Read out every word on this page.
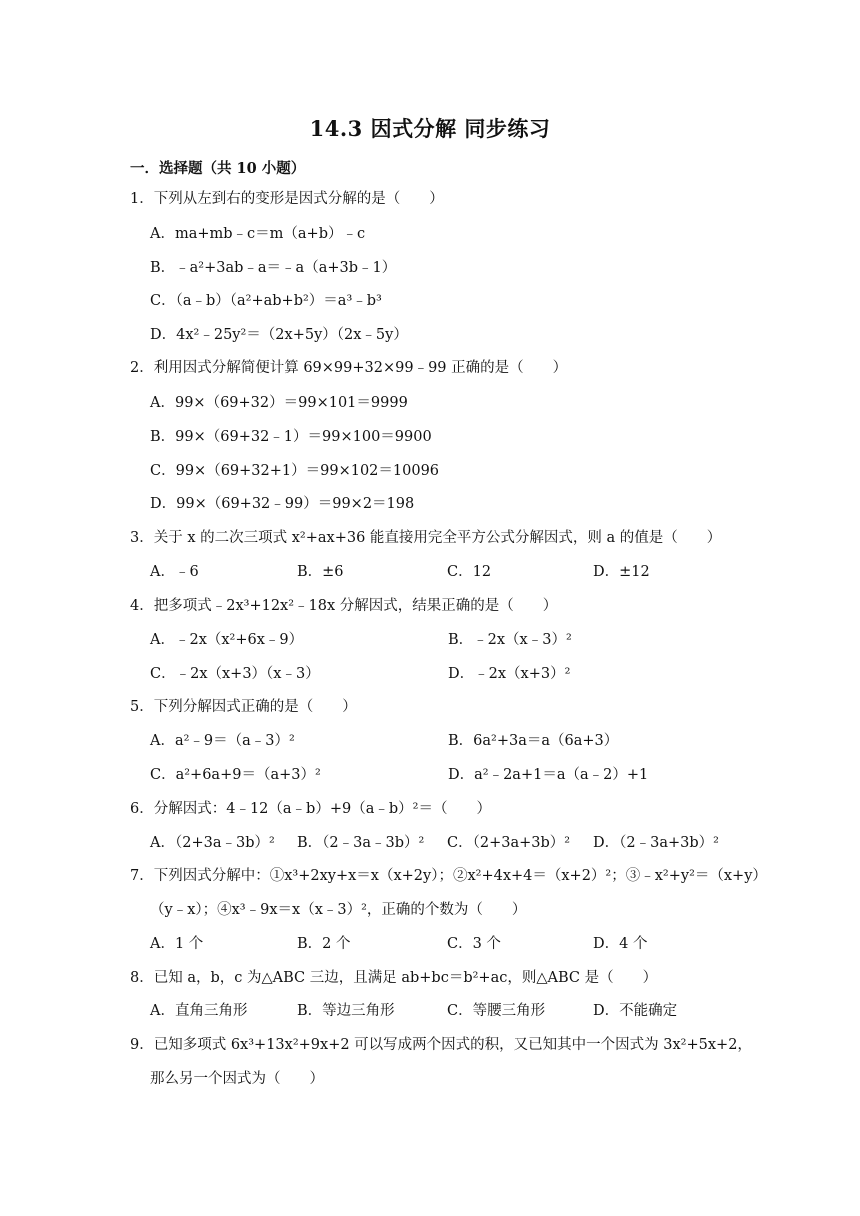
14.3 因式分解 同步练习
一．选择题（共 10 小题）
1．下列从左到右的变形是因式分解的是（　　）
A．ma+mb﹣c＝m（a+b）﹣c
B．﹣a²+3ab﹣a＝﹣a（a+3b﹣1）
C．（a﹣b）（a²+ab+b²）＝a³﹣b³
D．4x²﹣25y²＝（2x+5y）（2x﹣5y）
2．利用因式分解简便计算 69×99+32×99﹣99 正确的是（　　）
A．99×（69+32）＝99×101＝9999
B．99×（69+32﹣1）＝99×100＝9900
C．99×（69+32+1）＝99×102＝10096
D．99×（69+32﹣99）＝99×2＝198
3．关于 x 的二次三项式 x²+ax+36 能直接用完全平方公式分解因式，则 a 的值是（　　）
A．﹣6	B．±6	C．12	D．±12
4．把多项式﹣2x³+12x²﹣18x 分解因式，结果正确的是（　　）
A．﹣2x（x²+6x﹣9）	B．﹣2x（x﹣3）²
C．﹣2x（x+3）（x﹣3）	D．﹣2x（x+3）²
5．下列分解因式正确的是（　　）
A．a²﹣9＝（a﹣3）²	B．6a²+3a＝a（6a+3）
C．a²+6a+9＝（a+3）²	D．a²﹣2a+1＝a（a﹣2）+1
6．分解因式：4﹣12（a﹣b）+9（a﹣b）²＝（　　）
A．（2+3a﹣3b）² B．（2﹣3a﹣3b）² C．（2+3a+3b）² D．（2﹣3a+3b）²
7．下列因式分解中：①x³+2xy+x＝x（x+2y）；②x²+4x+4＝（x+2）²；③﹣x²+y²＝（x+y）
（y﹣x）；④x³﹣9x＝x（x﹣3）²，正确的个数为（　　）
A．1 个	B．2 个	C．3 个	D．4 个
8．已知 a，b，c 为△ABC 三边，且满足 ab+bc＝b²+ac，则△ABC 是（　　）
A．直角三角形	B．等边三角形	C．等腰三角形	D．不能确定
9．已知多项式 6x³+13x²+9x+2 可以写成两个因式的积，又已知其中一个因式为 3x²+5x+2，
那么另一个因式为（　　）
